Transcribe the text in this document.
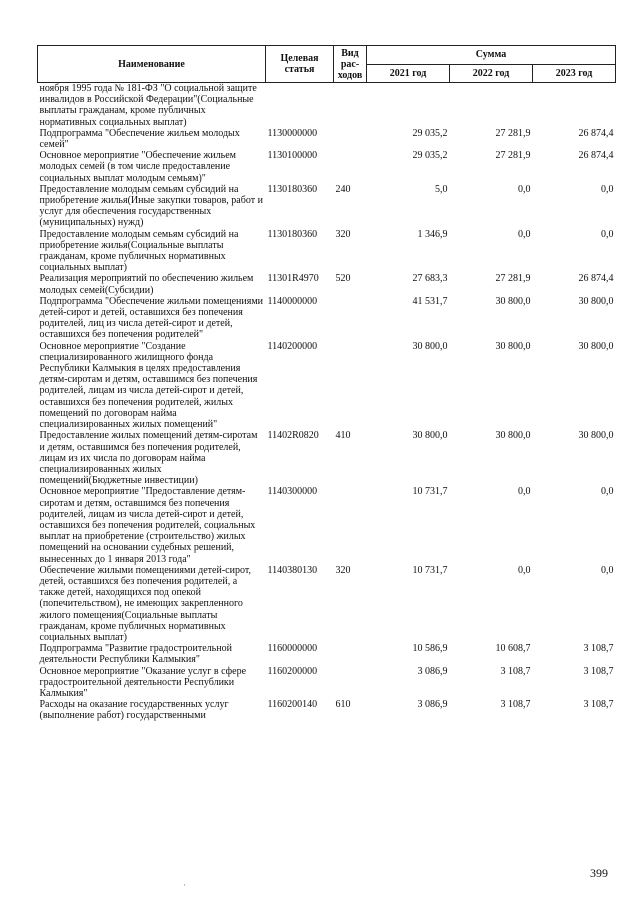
Наименование	Целевая статья	Вид рас-ходов	Сумма		
			2021 год	2022 год	2023 год
ноября 1995 года № 181-ФЗ "О социальной защите инвалидов в Российской Федерации"(Социальные выплаты гражданам, кроме публичных нормативных социальных выплат)					
Подпрограмма "Обеспечение жильем молодых семей"	1130000000		29 035,2	27 281,9	26 874,4
Основное мероприятие "Обеспечение жильем молодых семей (в том числе предоставление социальных выплат молодым семьям)"	1130100000		29 035,2	27 281,9	26 874,4
Предоставление молодым семьям субсидий на приобретение жилья(Иные закупки товаров, работ и услуг для обеспечения государственных (муниципальных) нужд)	1130180360	240	5,0	0,0	0,0
Предоставление молодым семьям субсидий на приобретение жилья(Социальные выплаты гражданам, кроме публичных нормативных социальных выплат)	1130180360	320	1 346,9	0,0	0,0
Реализация мероприятий по обеспечению жильем молодых семей(Субсидии)	11301R4970	520	27 683,3	27 281,9	26 874,4
Подпрограмма "Обеспечение жильми помещениями детей-сирот и детей, оставшихся без попечения родителей, лиц из числа детей-сирот и детей, оставшихся без попечения родителей"	1140000000		41 531,7	30 800,0	30 800,0
Основное мероприятие "Создание специализированного жилищного фонда Республики Калмыкия в целях предоставления детям-сиротам и детям, оставшимся без попечения родителей, лицам из числа детей-сирот и детей, оставшихся без попечения родителей, жилых помещений по договорам найма специализированных жилых помещений"	1140200000		30 800,0	30 800,0	30 800,0
Предоставление жилых помещений детям-сиротам и детям, оставшимся без попечения родителей, лицам из их числа по договорам найма специализированных жилых помещений(Бюджетные инвестиции)	11402R0820	410	30 800,0	30 800,0	30 800,0
Основное мероприятие "Предоставление детям-сиротам и детям, оставшимся без попечения родителей, лицам из числа детей-сирот и детей, оставшихся без попечения родителей, социальных выплат на приобретение (строительство) жилых помещений на основании судебных решений, вынесенных до 1 января 2013 года"	1140300000		10 731,7	0,0	0,0
Обеспечение жилыми помещениями детей-сирот, детей, оставшихся без попечения родителей, а также детей, находящихся под опекой (попечительством), не имеющих закрепленного жилого помещения(Социальные выплаты гражданам, кроме публичных нормативных социальных выплат)	1140380130	320	10 731,7	0,0	0,0
Подпрограмма "Развитие градостроительной деятельности Республики Калмыкия"	1160000000		10 586,9	10 608,7	3 108,7
Основное мероприятие "Оказание услуг в сфере градостроительной деятельности Республики Калмыкия"	1160200000		3 086,9	3 108,7	3 108,7
Расходы на оказание государственных услуг (выполнение работ) государственными	1160200140	610	3 086,9	3 108,7	3 108,7
399
·
